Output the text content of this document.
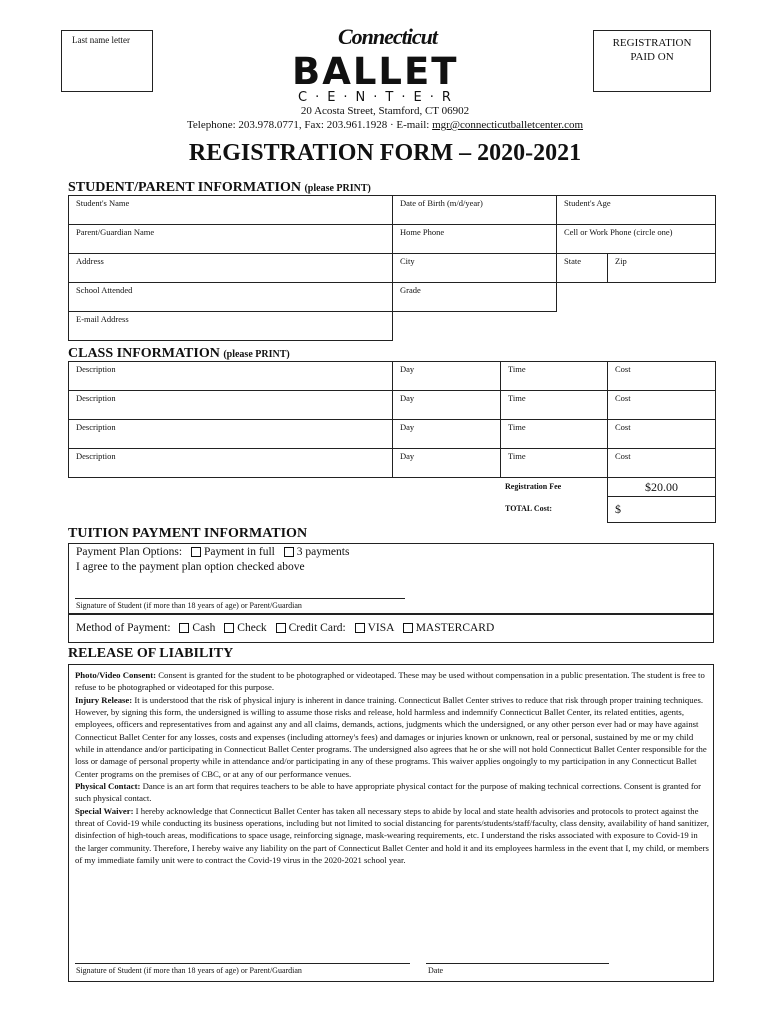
Last name letter	Connecticut
BALLET
C·E·N·T·E·R
REGISTRATION
PAID ON
20 Acosta Street, Stamford, CT 06902
Telephone: 203.978.0771, Fax: 203.961.1928 · E-mail: mgr@connecticutballetcenter.com
REGISTRATION FORM – 2020-2021
STUDENT/PARENT INFORMATION (please PRINT)
Student's Name	Date of Birth (m/d/year)	Student's Age
Parent/Guardian Name	Home Phone	Cell or Work Phone (circle one)
Address	City	State	Zip
School Attended	Grade
E-mail Address
CLASS INFORMATION (please PRINT)
Description	Day	Time	Cost
Description	Day	Time	Cost
Description	Day	Time	Cost
Description	Day	Time	Cost
Registration Fee	$20.00
TOTAL Cost:	$
TUITION PAYMENT INFORMATION
Payment Plan Options: Payment in full 3 payments
I agree to the payment plan option checked above
Signature of Student (if more than 18 years of age) or Parent/Guardian
Method of Payment: Cash Check Credit Card: VISA MASTERCARD
RELEASE OF LIABILITY
Photo/Video Consent: Consent is granted for the student to be photographed or videotaped. These may be used without compensation in a public presentation. The student is free to refuse to be photographed or videotaped for this purpose.
Injury Release: It is understood that the risk of physical injury is inherent in dance training. Connecticut Ballet Center strives to reduce that risk through proper training techniques. However, by signing this form, the undersigned is willing to assume those risks and release, hold harmless and indemnify Connecticut Ballet Center, its related entities, agents, employees, officers and representatives from and against any and all claims, demands, actions, judgments which the undersigned, or any other person ever had or may have against Connecticut Ballet Center for any losses, costs and expenses (including attorney's fees) and damages or injuries known or unknown, real or personal, sustained by me or my child while in attendance and/or participating in Connecticut Ballet Center programs. The undersigned also agrees that he or she will not hold Connecticut Ballet Center responsible for the loss or damage of personal property while in attendance and/or participating in any of these programs. This waiver applies ongoingly to my participation in any Connecticut Ballet Center programs on the premises of CBC, or at any of our performance venues.
Physical Contact: Dance is an art form that requires teachers to be able to have appropriate physical contact for the purpose of making technical corrections. Consent is granted for such physical contact.
Special Waiver: I hereby acknowledge that Connecticut Ballet Center has taken all necessary steps to abide by local and state health advisories and protocols to protect against the threat of Covid-19 while conducting its business operations, including but not limited to social distancing for parents/students/staff/faculty, class density, availability of hand sanitizer, disinfection of high-touch areas, modifications to space usage, reinforcing signage, mask-wearing requirements, etc. I understand the risks associated with exposure to Covid-19 in the larger community. Therefore, I hereby waive any liability on the part of Connecticut Ballet Center and hold it and its employees harmless in the event that I, my child, or members of my immediate family unit were to contract the Covid-19 virus in the 2020-2021 school year.
Signature of Student (if more than 18 years of age) or Parent/Guardian	Date
